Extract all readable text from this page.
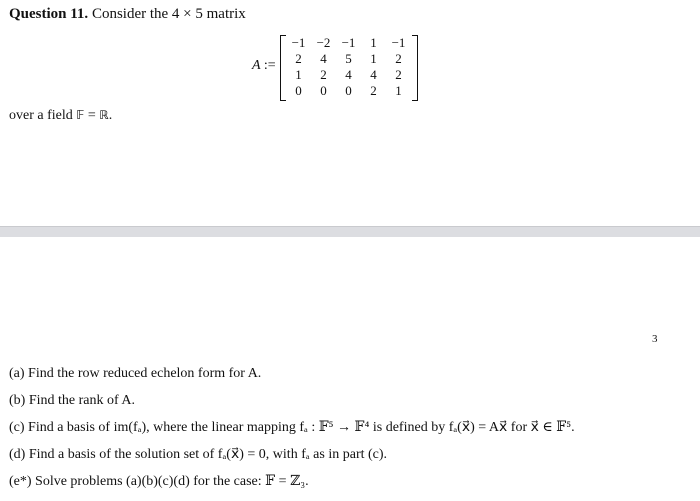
Question 11. Consider the 4 × 5 matrix
A :=
−1	−2	−1	1	−1
2	4	5	1	2
1	2	4	4	2
0	0	0	2	1
over a field 𝔽 = ℝ.
3
(a) Find the row reduced echelon form for A.
(b) Find the rank of A.
(c) Find a basis of im(fₐ), where the linear mapping fₐ : 𝔽⁵ → 𝔽⁴ is defined by fₐ(x⃗) = Ax⃗ for x⃗ ∈ 𝔽⁵.
(d) Find a basis of the solution set of fₐ(x⃗) = 0, with fₐ as in part (c).
(e*) Solve problems (a)(b)(c)(d) for the case: 𝔽 = ℤ₃.
